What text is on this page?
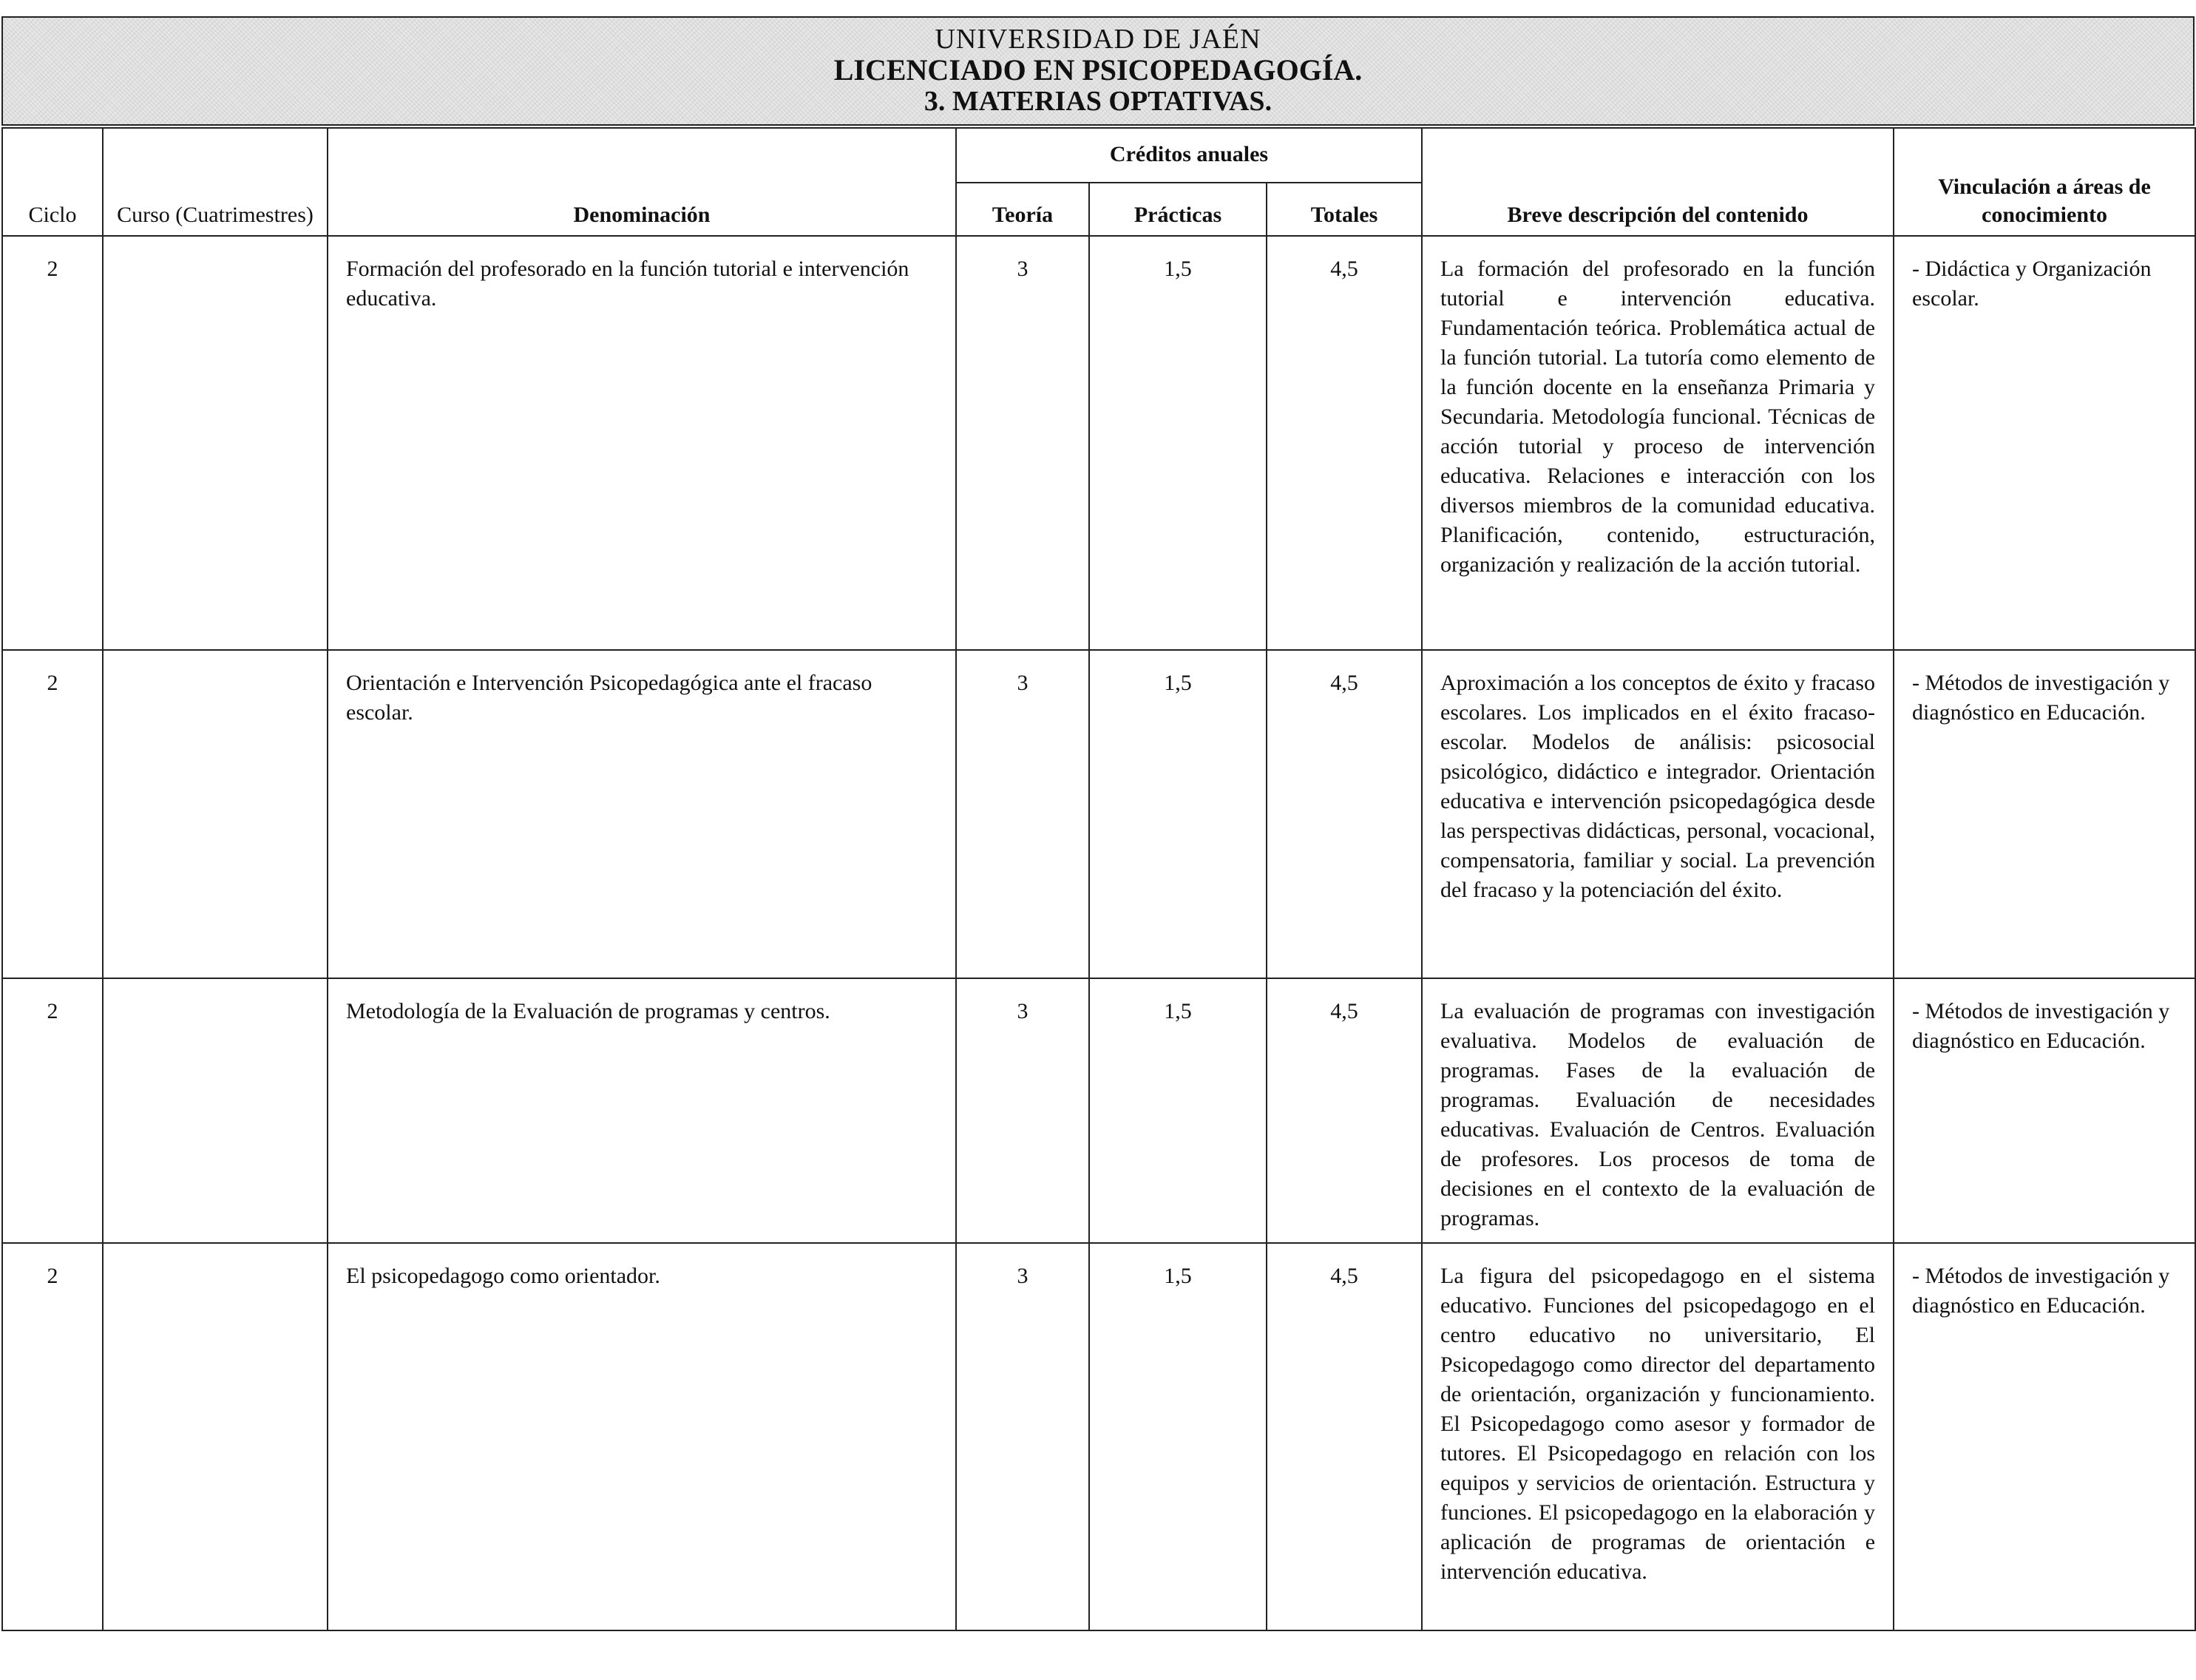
UNIVERSIDAD DE JAÉN
LICENCIADO EN PSICOPEDAGOGÍA.
3. MATERIAS OPTATIVAS.
Ciclo	Curso (Cuatrimestres)	Denominación	Créditos anuales			Breve descripción del contenido	Vinculación a áreas de conocimiento
			Teoría	Prácticas	Totales		
2		Formación del profesorado en la función tutorial e intervención educativa.	3	1,5	4,5	La formación del profesorado en la función tutorial e intervención educativa. Fundamentación teórica. Problemática actual de la función tutorial. La tutoría como elemento de la función docente en la enseñanza Primaria y Secundaria. Metodología funcional. Técnicas de acción tutorial y proceso de intervención educativa. Relaciones e interacción con los diversos miembros de la comunidad educativa. Planificación, contenido, estructuración, organización y realización de la acción tutorial.	- Didáctica y Organización escolar.
2		Orientación e Intervención Psicopedagógica ante el fracaso escolar.	3	1,5	4,5	Aproximación a los conceptos de éxito y fracaso escolares. Los implicados en el éxito fracaso-escolar. Modelos de análisis: psicosocial psicológico, didáctico e integrador. Orientación educativa e intervención psicopedagógica desde las perspectivas didácticas, personal, vocacional, compensatoria, familiar y social. La prevención del fracaso y la potenciación del éxito.	- Métodos de investigación y diagnóstico en Educación.
2		Metodología de la Evaluación de programas y centros.	3	1,5	4,5	La evaluación de programas con investigación evaluativa. Modelos de evaluación de programas. Fases de la evaluación de programas. Evaluación de necesidades educativas. Evaluación de Centros. Evaluación de profesores. Los procesos de toma de decisiones en el contexto de la evaluación de programas.	- Métodos de investigación y diagnóstico en Educación.
2		El psicopedagogo como orientador.	3	1,5	4,5	La figura del psicopedagogo en el sistema educativo. Funciones del psicopedagogo en el centro educativo no universitario, El Psicopedagogo como director del departamento de orientación, organización y funcionamiento. El Psicopedagogo como asesor y formador de tutores. El Psicopedagogo en relación con los equipos y servicios de orientación. Estructura y funciones. El psicopedagogo en la elaboración y aplicación de programas de orientación e intervención educativa.	- Métodos de investigación y diagnóstico en Educación.
